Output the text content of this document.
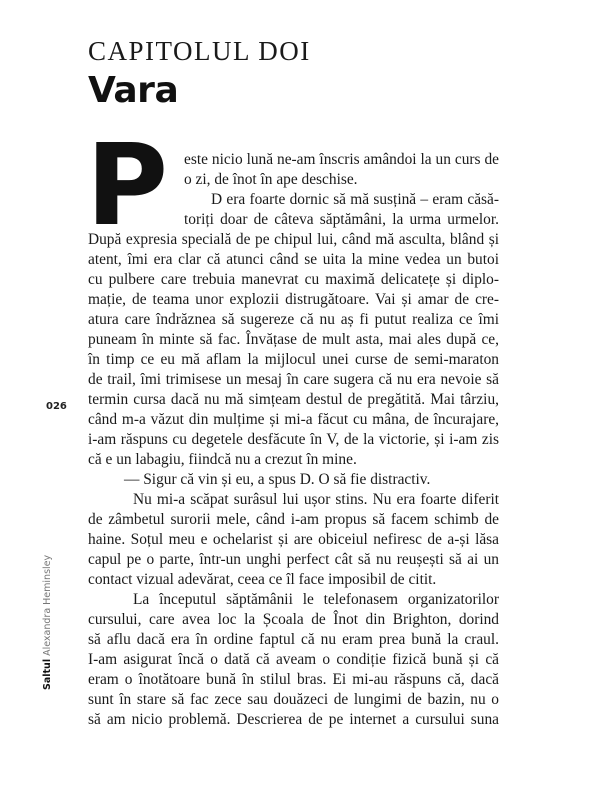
CAPITOLUL DOI
Vara
P este nicio lună ne-am înscris amândoi la un curs de
o zi, de înot în ape deschise.
D era foarte dornic să mă susțină – eram căsă-
toriți doar de câteva săptămâni, la urma urmelor.
După expresia specială de pe chipul lui, când mă asculta, blând și
atent, îmi era clar că atunci când se uita la mine vedea un butoi
cu pulbere care trebuia manevrat cu maximă delicatețe și diplo-
mație, de teama unor explozii distrugătoare. Vai și amar de cre-
atura care îndrăznea să sugereze că nu aș fi putut realiza ce îmi
puneam în minte să fac. Învățase de mult asta, mai ales după ce,
în timp ce eu mă aflam la mijlocul unei curse de semi-maraton
de trail, îmi trimisese un mesaj în care sugera că nu era nevoie să
termin cursa dacă nu mă simțeam destul de pregătită. Mai târziu,
când m-a văzut din mulțime și mi-a făcut cu mâna, de încurajare,
i-am răspuns cu degetele desfăcute în V, de la victorie, și i-am zis
că e un labagiu, fiindcă nu a crezut în mine.
— Sigur că vin și eu, a spus D. O să fie distractiv.
Nu mi-a scăpat surâsul lui ușor stins. Nu era foarte diferit
de zâmbetul surorii mele, când i-am propus să facem schimb de
haine. Soțul meu e ochelarist și are obiceiul nefiresc de a-și lăsa
capul pe o parte, într-un unghi perfect cât să nu reușești să ai un
contact vizual adevărat, ceea ce îl face imposibil de citit.
La începutul săptămânii le telefonasem organizatorilor
cursului, care avea loc la Școala de Înot din Brighton, dorind
să aflu dacă era în ordine faptul că nu eram prea bună la craul.
I-am asigurat încă o dată că aveam o condiție fizică bună și că
eram o înotătoare bună în stilul bras. Ei mi-au răspuns că, dacă
sunt în stare să fac zece sau douăzeci de lungimi de bazin, nu o
să am nicio problemă. Descrierea de pe internet a cursului suna
026
Saltul Alexandra Heminsley
